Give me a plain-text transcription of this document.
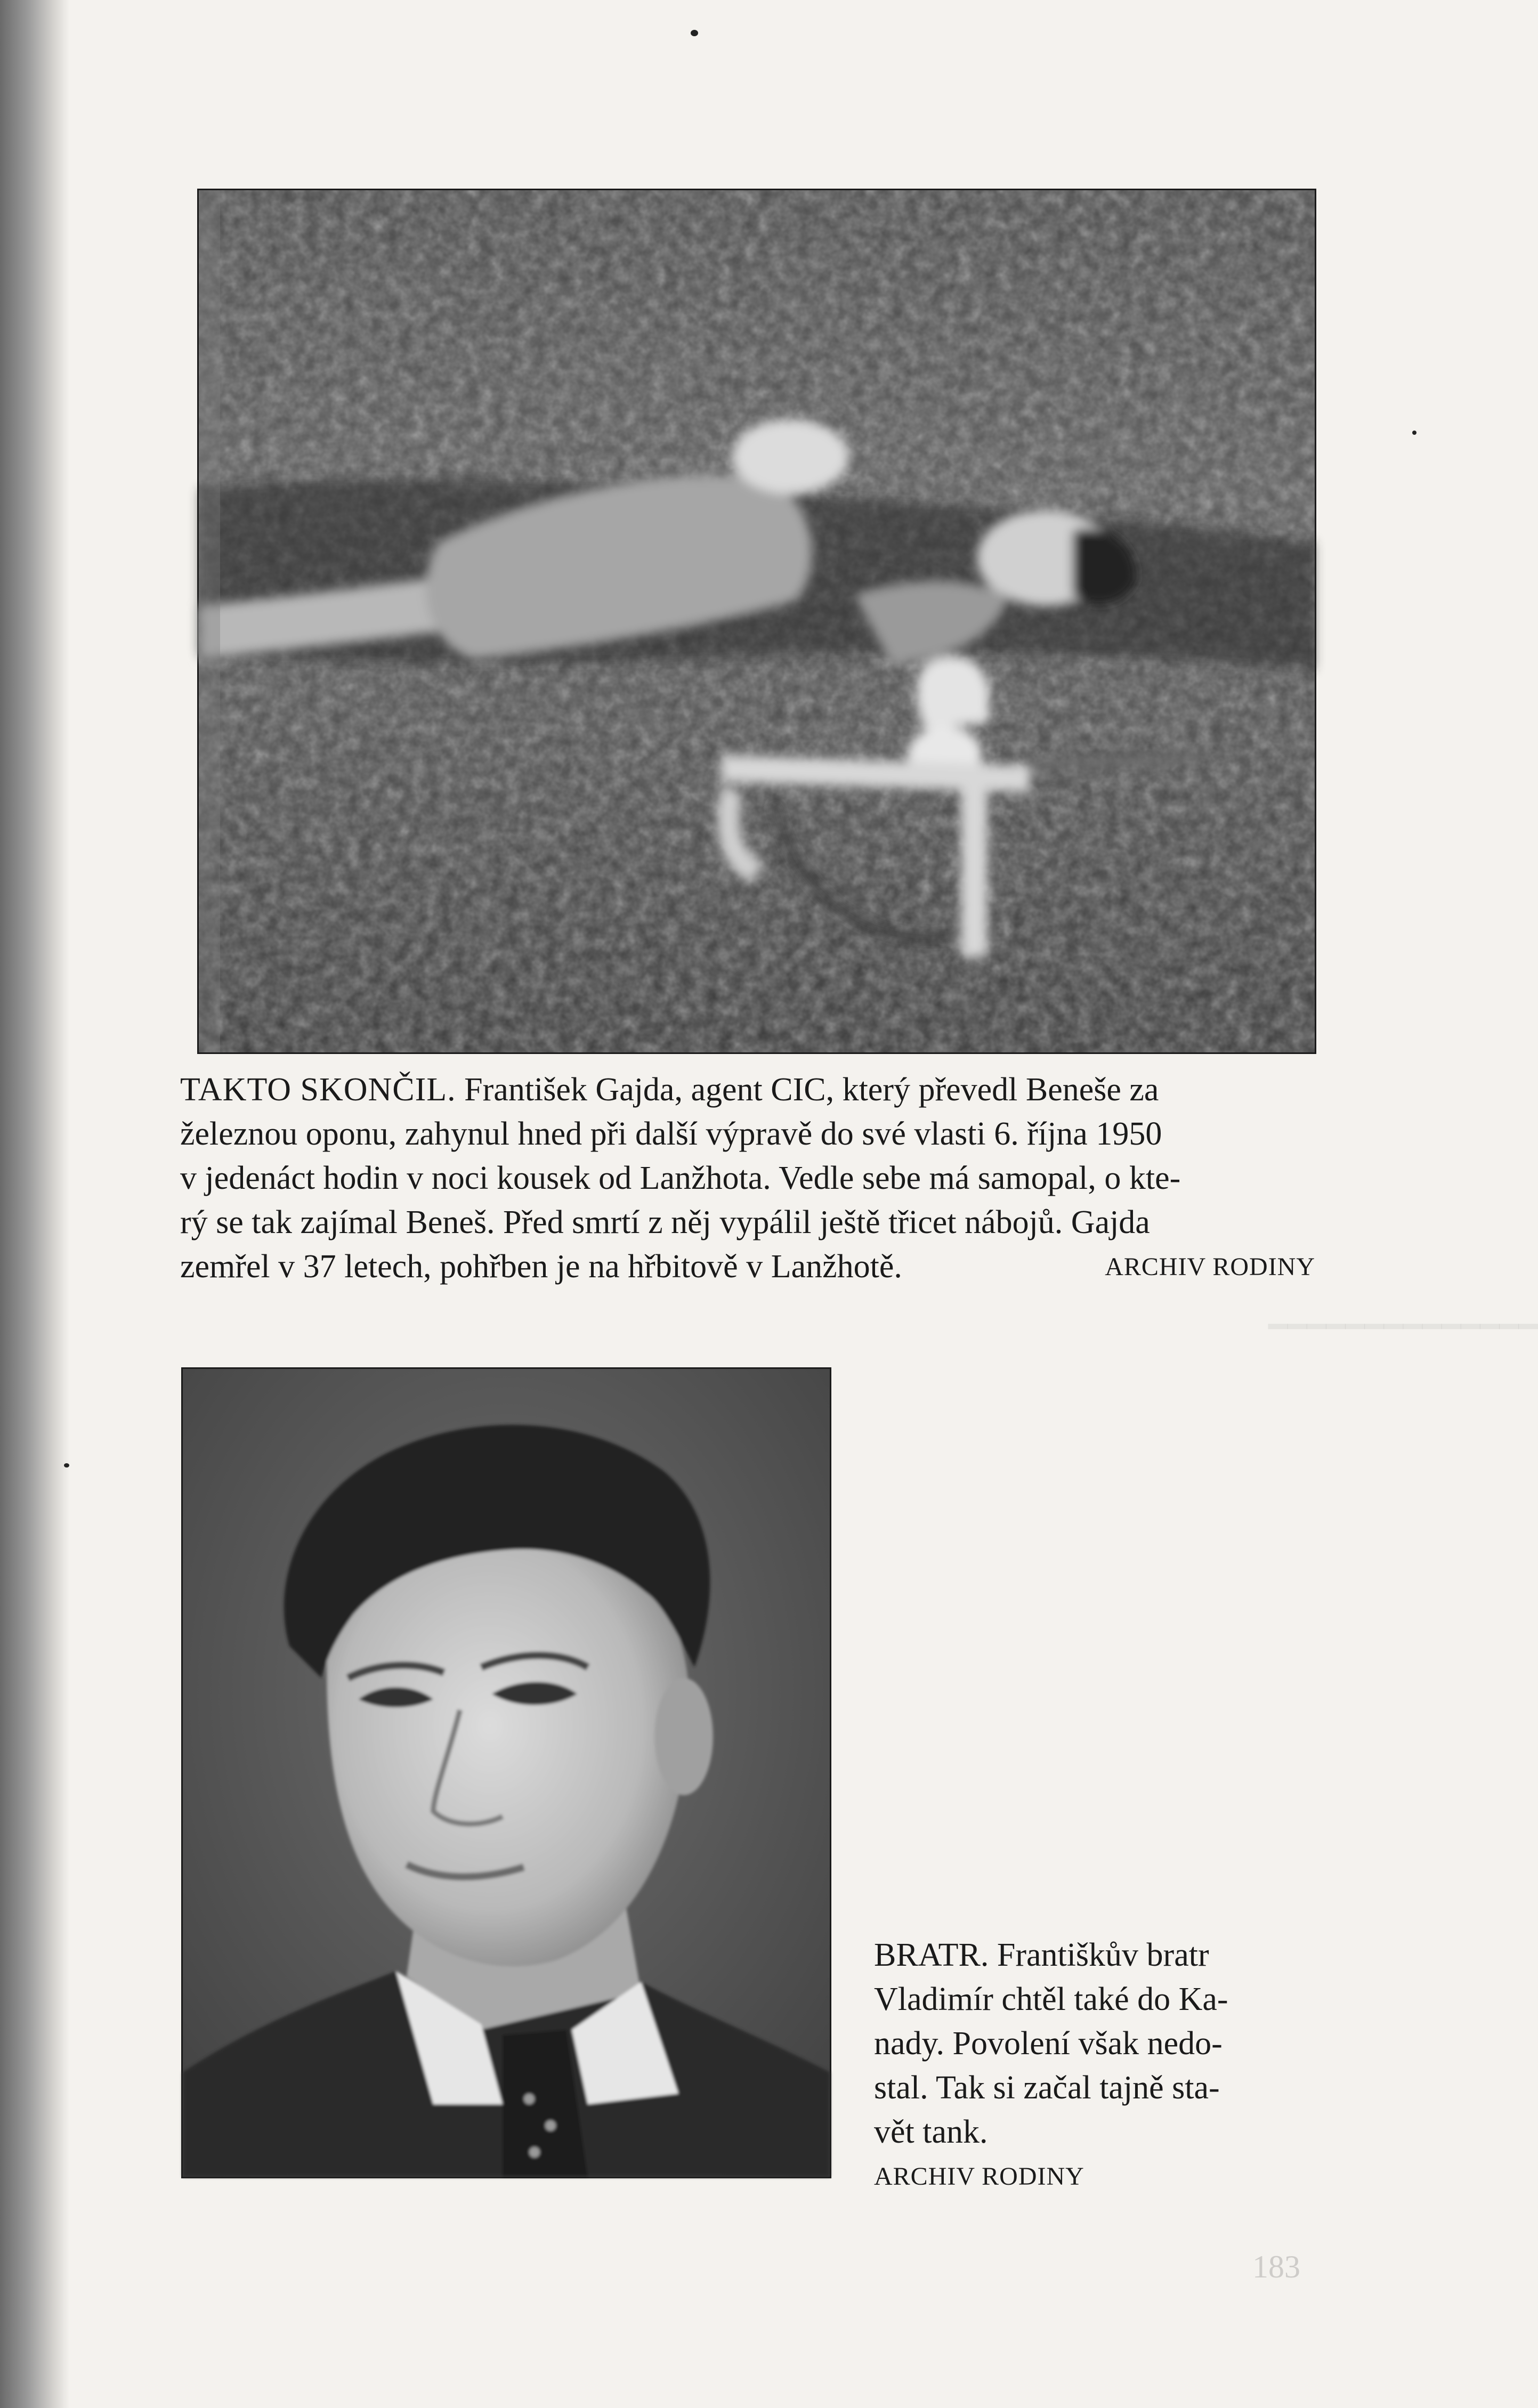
━━━━━━━━━━━━━━
TAKTO SKONČIL. František Gajda, agent CIC, který převedl Beneše za
železnou oponu, zahynul hned při další výpravě do své vlasti 6. října 1950
v jedenáct hodin v noci kousek od Lanžhota. Vedle sebe má samopal, o kte-
rý se tak zajímal Beneš. Před smrtí z něj vypálil ještě třicet nábojů. Gajda
zemřel v 37 letech, pohřben je na hřbitově v Lanžhotě.	ARCHIV RODINY
BRATR. Františkův bratr
Vladimír chtěl také do Ka-
nady. Povolení však nedo-
stal. Tak si začal tajně sta-
vět tank.
ARCHIV RODINY
183
